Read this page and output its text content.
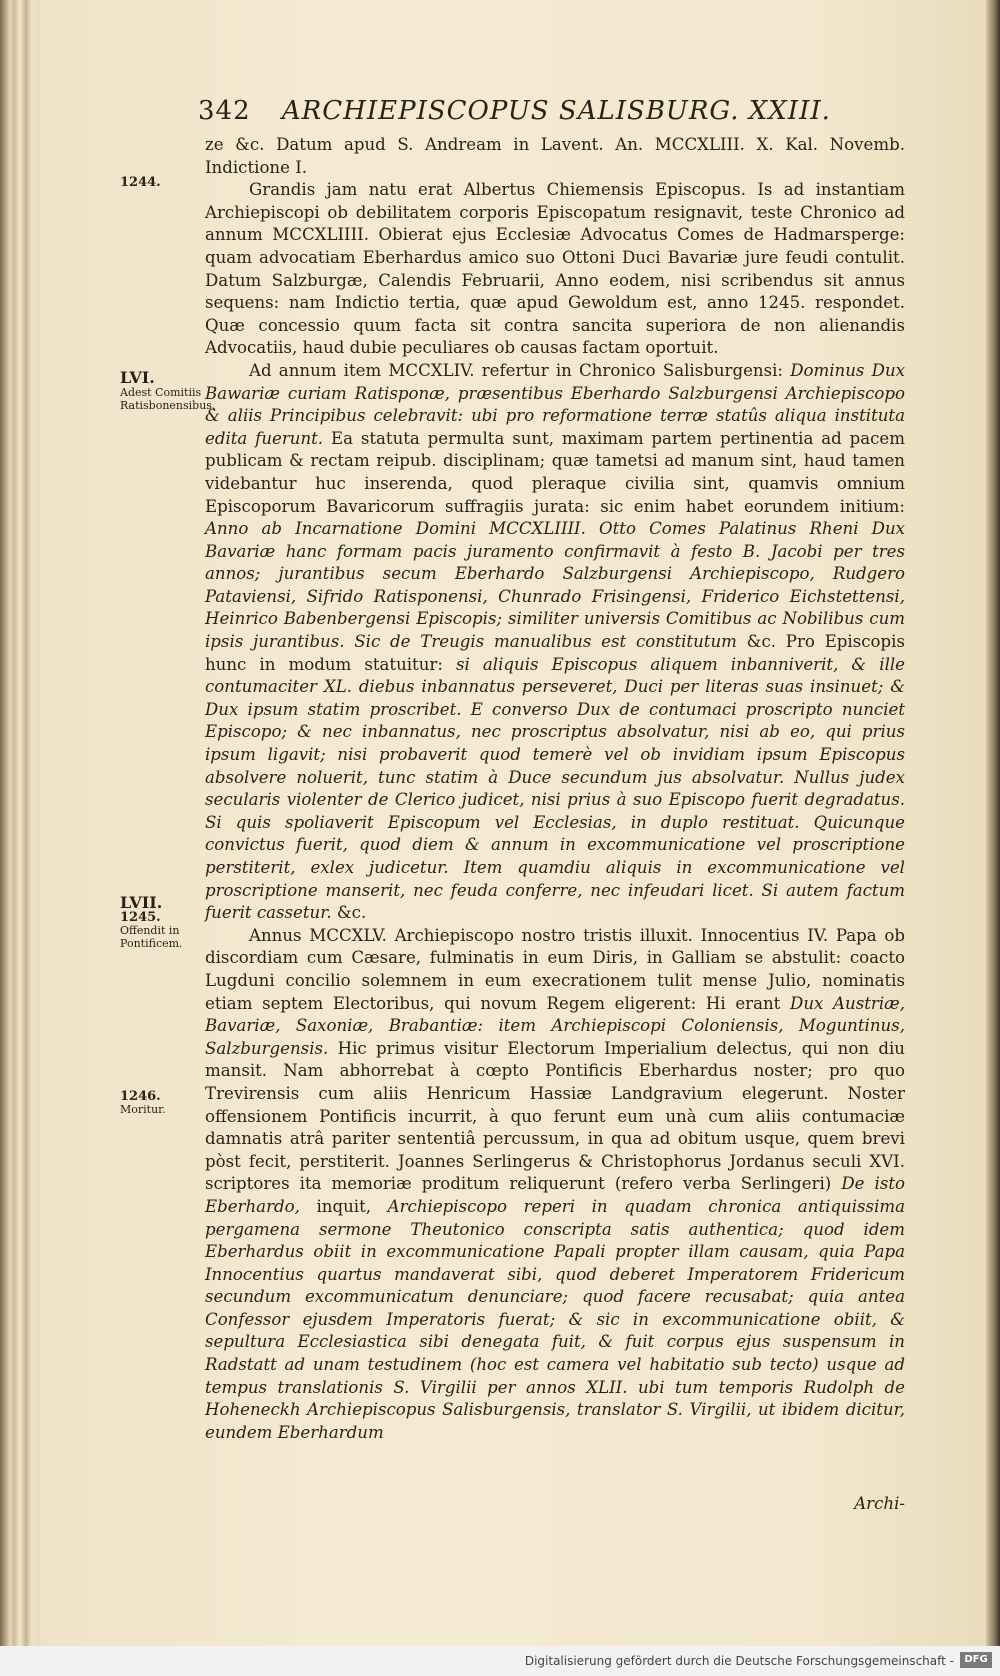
342 ARCHIEPISCOPUS SALISBURG. XXIII.
1244.
LVI.
Adest Comitiis Ratisbonensibus.
LVII.
1245.
Offendit in Pontificem.
1246.
Moritur.

ze &c. Datum apud S. Andream in Lavent. An. MCCXLIII. X. Kal. Novemb. Indictione I.

Grandis jam natu erat Albertus Chiemensis Episcopus. Is ad instantiam Archiepiscopi ob debilitatem corporis Episcopatum resignavit, teste Chronico ad annum MCCXLIIII. Obierat ejus Ecclesiæ Advocatus Comes de Hadmarsperge: quam advocatiam Eberhardus amico suo Ottoni Duci Bavariæ jure feudi contulit. Datum Salzburgæ, Calendis Februarii, Anno eodem, nisi scribendus sit annus sequens: nam Indictio tertia, quæ apud Gewoldum est, anno 1245. respondet. Quæ concessio quum facta sit contra sancita superiora de non alienandis Advocatiis, haud dubie peculiares ob causas factam oportuit.

Ad annum item MCCXLIV. refertur in Chronico Salisburgensi: Dominus Dux Bawariæ curiam Ratisponæ, præsentibus Eberhardo Salzburgensi Archiepiscopo & aliis Principibus celebravit: ubi pro reformatione terræ statûs aliqua instituta edita fuerunt. Ea statuta permulta sunt, maximam partem pertinentia ad pacem publicam & rectam reipub. disciplinam; quæ tametsi ad manum sint, haud tamen videbantur huc inserenda, quod pleraque civilia sint, quamvis omnium Episcoporum Bavaricorum suffragiis jurata: sic enim habet eorundem initium: Anno ab Incarnatione Domini MCCXLIIII. Otto Comes Palatinus Rheni Dux Bavariæ hanc formam pacis juramento confirmavit à festo B. Jacobi per tres annos; jurantibus secum Eberhardo Salzburgensi Archiepiscopo, Rudgero Pataviensi, Sifrido Ratisponensi, Chunrado Frisingensi, Friderico Eichstettensi, Heinrico Babenbergensi Episcopis; similiter universis Comitibus ac Nobilibus cum ipsis jurantibus. Sic de Treugis manualibus est constitutum &c. Pro Episcopis hunc in modum statuitur: si aliquis Episcopus aliquem inbanniverit, & ille contumaciter XL. diebus inbannatus perseveret, Duci per literas suas insinuet; & Dux ipsum statim proscribet. E converso Dux de contumaci proscripto nunciet Episcopo; & nec inbannatus, nec proscriptus absolvatur, nisi ab eo, qui prius ipsum ligavit; nisi probaverit quod temerè vel ob invidiam ipsum Episcopus absolvere noluerit, tunc statim à Duce secundum jus absolvatur. Nullus judex secularis violenter de Clerico judicet, nisi prius à suo Episcopo fuerit degradatus. Si quis spoliaverit Episcopum vel Ecclesias, in duplo restituat. Quicunque convictus fuerit, quod diem & annum in excommunicatione vel proscriptione perstiterit, exlex judicetur. Item quamdiu aliquis in excommunicatione vel proscriptione manserit, nec feuda conferre, nec infeudari licet. Si autem factum fuerit cassetur. &c.

Annus MCCXLV. Archiepiscopo nostro tristis illuxit. Innocentius IV. Papa ob discordiam cum Cæsare, fulminatis in eum Diris, in Galliam se abstulit: coacto Lugduni concilio solemnem in eum execrationem tulit mense Julio, nominatis etiam septem Electoribus, qui novum Regem eligerent: Hi erant Dux Austriæ, Bavariæ, Saxoniæ, Brabantiæ: item Archiepiscopi Coloniensis, Moguntinus, Salzburgensis. Hic primus visitur Electorum Imperialium delectus, qui non diu mansit. Nam abhorrebat à cœpto Pontificis Eberhardus noster; pro quo Trevirensis cum aliis Henricum Hassiæ Landgravium elegerunt. Noster offensionem Pontificis incurrit, à quo ferunt eum unà cum aliis contumaciæ damnatis atrâ pariter sententiâ percussum, in qua ad obitum usque, quem brevi pòst fecit, perstiterit. Joannes Serlingerus & Christophorus Jordanus seculi XVI. scriptores ita memoriæ proditum reliquerunt (refero verba Serlingeri) De isto Eberhardo, inquit, Archiepiscopo reperi in quadam chronica antiquissima pergamena sermone Theutonico conscripta satis authentica; quod idem Eberhardus obiit in excommunicatione Papali propter illam causam, quia Papa Innocentius quartus mandaverat sibi, quod deberet Imperatorem Fridericum secundum excommunicatum denunciare; quod facere recusabat; quia antea Confessor ejusdem Imperatoris fuerat; & sic in excommunicatione obiit, & sepultura Ecclesiastica sibi denegata fuit, & fuit corpus ejus suspensum in Radstatt ad unam testudinem (hoc est camera vel habitatio sub tecto) usque ad tempus translationis S. Virgilii per annos XLII. ubi tum temporis Rudolph de Hoheneckh Archiepiscopus Salisburgensis, translator S. Virgilii, ut ibidem dicitur, eundem Eberhardum

Archi-
Digitalisierung gefördert durch die Deutsche Forschungsgemeinschaft -	DFG
